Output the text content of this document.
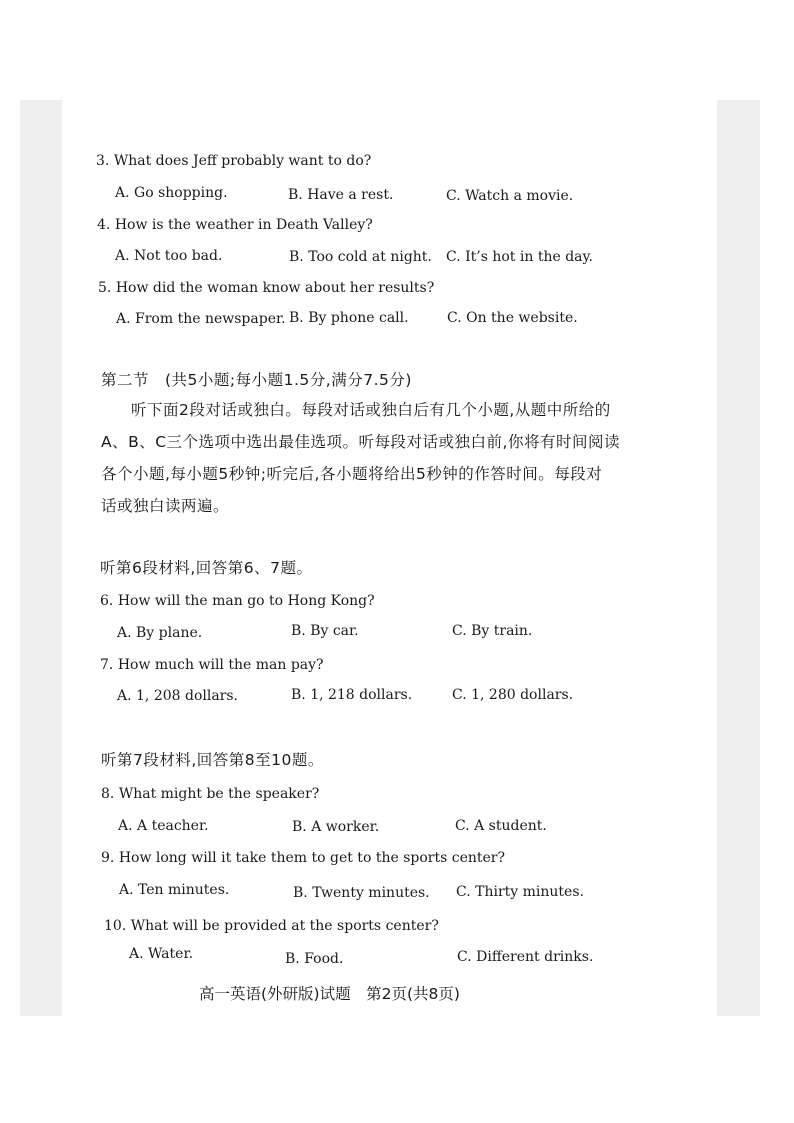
3. What does Jeff probably want to do?
A. Go shopping.	B. Have a rest.	C. Watch a movie.
4. How is the weather in Death Valley?
A. Not too bad.	B. Too cold at night. C. It’s hot in the day.
5. How did the woman know about her results?
A. From the newspaper. B. By phone call.	C. On the website.
第二节　(共5小题;每小题1.5分,满分7.5分)
听下面2段对话或独白。每段对话或独白后有几个小题,从题中所给的
A、B、C三个选项中选出最佳选项。听每段对话或独白前,你将有时间阅读
各个小题,每小题5秒钟;听完后,各小题将给出5秒钟的作答时间。每段对
话或独白读两遍。
听第6段材料,回答第6、7题。
6. How will the man go to Hong Kong?
A. By plane.	B. By car.	C. By train.
7. How much will the man pay?
A. 1, 208 dollars.	B. 1, 218 dollars.	C. 1, 280 dollars.
听第7段材料,回答第8至10题。
8. What might be the speaker?
A. A teacher.	B. A worker.	C. A student.
9. How long will it take them to get to the sports center?
A. Ten minutes.	B. Twenty minutes. C. Thirty minutes.
10. What will be provided at the sports center?
A. Water.	B. Food.	C. Different drinks.
高一英语(外研版)试题　第2页(共8页)
